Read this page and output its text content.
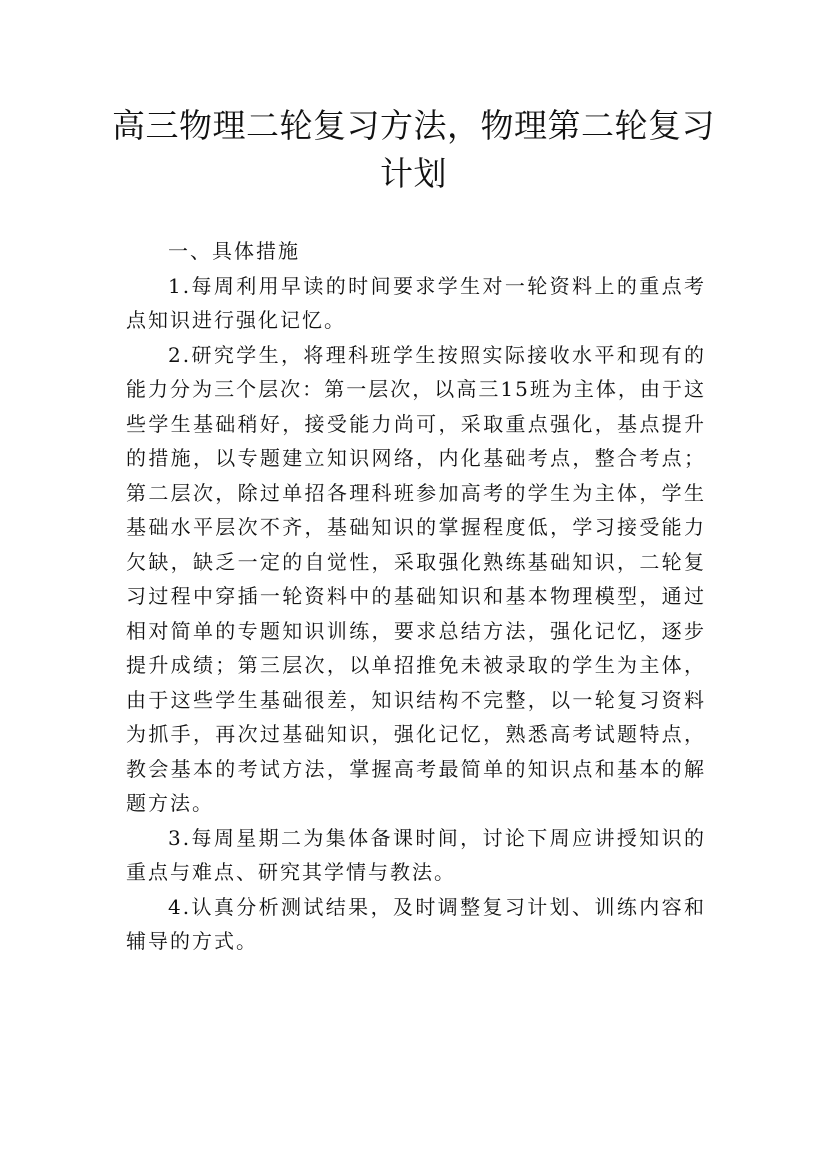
高三物理二轮复习方法，物理第二轮复习计划

一、具体措施

1.每周利用早读的时间要求学生对一轮资料上的重点考点知识进行强化记忆。

2.研究学生，将理科班学生按照实际接收水平和现有的能力分为三个层次：第一层次，以高三15班为主体，由于这些学生基础稍好，接受能力尚可，采取重点强化，基点提升的措施，以专题建立知识网络，内化基础考点，整合考点；第二层次，除过单招各理科班参加高考的学生为主体，学生基础水平层次不齐，基础知识的掌握程度低，学习接受能力欠缺，缺乏一定的自觉性，采取强化熟练基础知识，二轮复习过程中穿插一轮资料中的基础知识和基本物理模型，通过相对简单的专题知识训练，要求总结方法，强化记忆，逐步提升成绩；第三层次，以单招推免未被录取的学生为主体，由于这些学生基础很差，知识结构不完整，以一轮复习资料为抓手，再次过基础知识，强化记忆，熟悉高考试题特点，教会基本的考试方法，掌握高考最简单的知识点和基本的解题方法。

3.每周星期二为集体备课时间，讨论下周应讲授知识的重点与难点、研究其学情与教法。

4.认真分析测试结果，及时调整复习计划、训练内容和辅导的方式。
